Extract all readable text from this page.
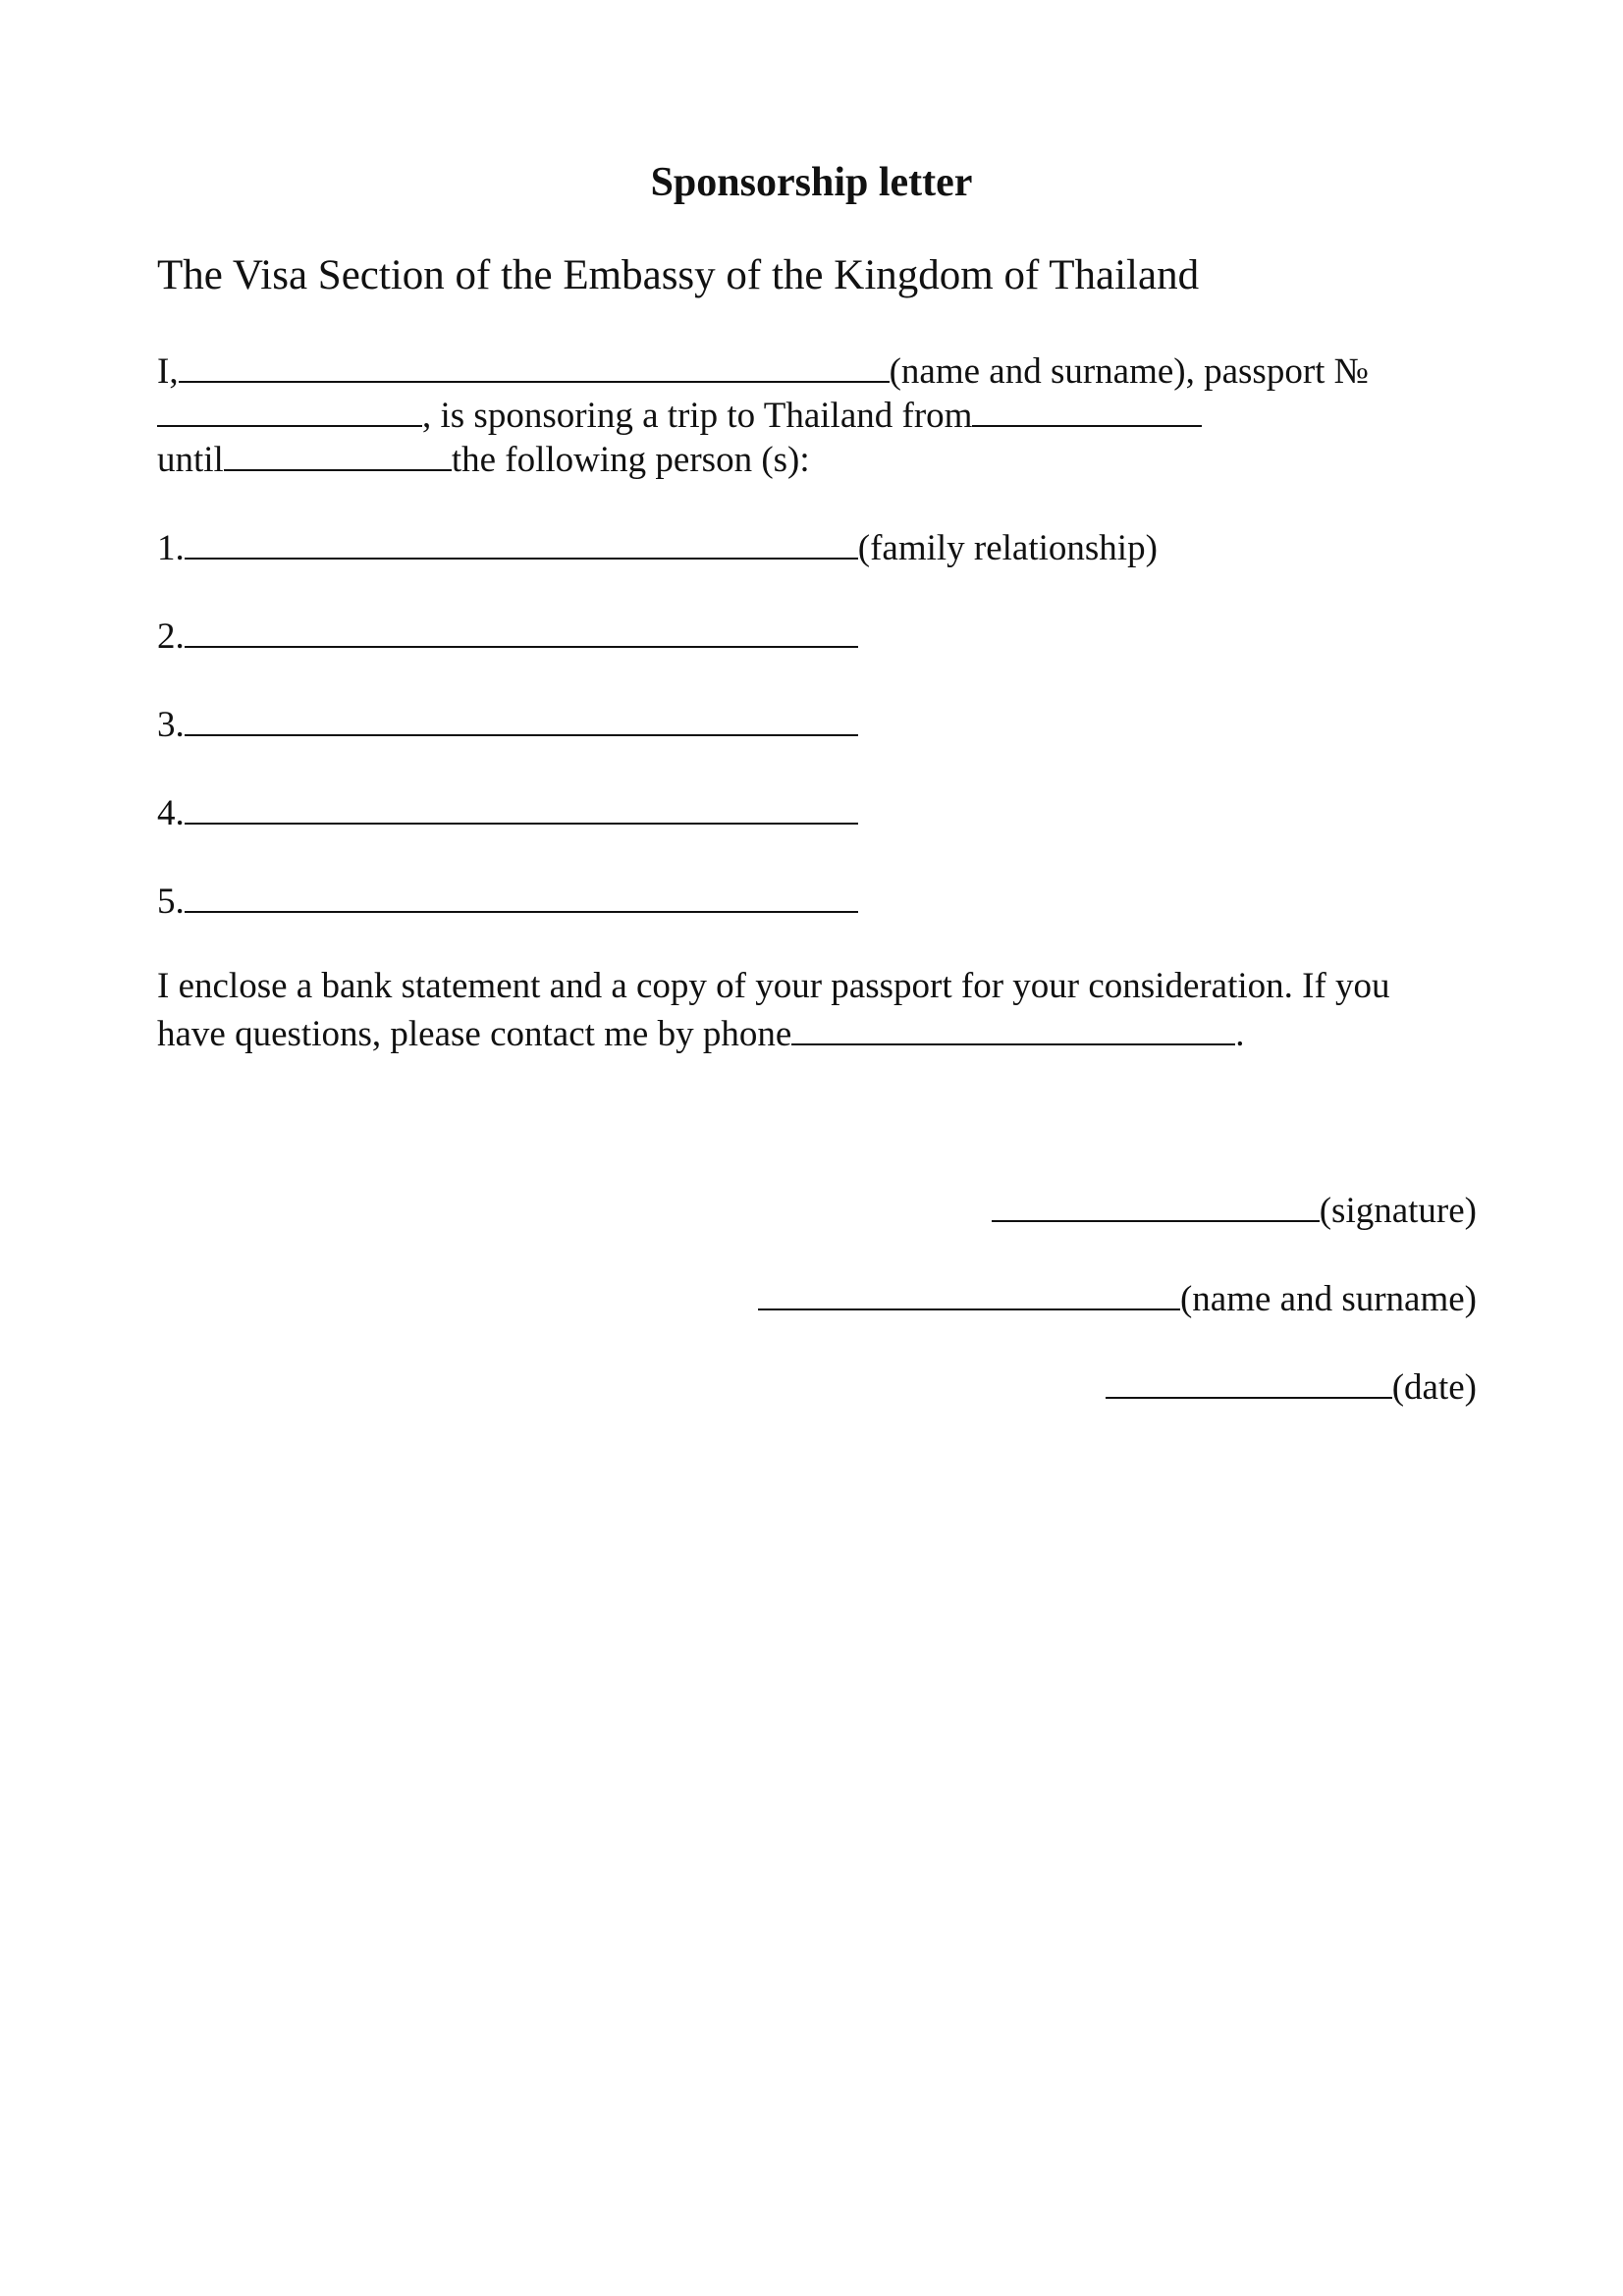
Sponsorship letter
The Visa Section of the Embassy of the Kingdom of Thailand
I,	(name and surname), passport №
, is sponsoring a trip to Thailand from
until	the following person (s):
1.	(family relationship)
2.
3.
4.
5.
I enclose a bank statement and a copy of your passport for your consideration. If you
have questions, please contact me by phone	.
(signature)
(name and surname)
(date)
